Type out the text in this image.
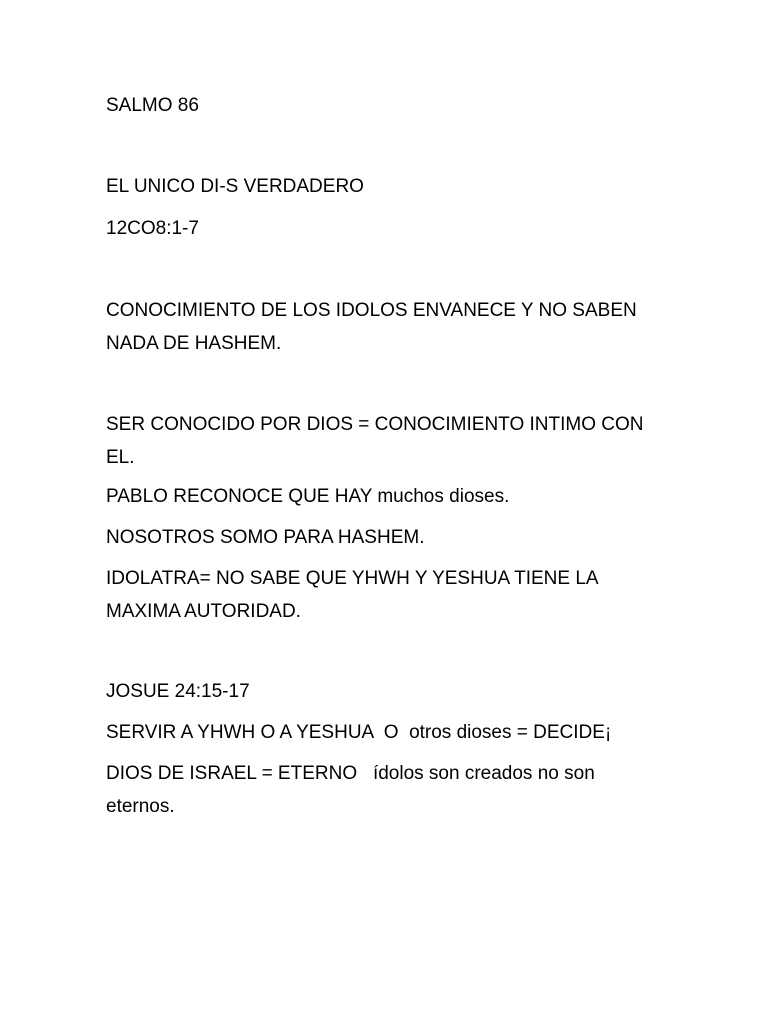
SALMO 86

EL UNICO DI-S VERDADERO

12CO8:1-7

CONOCIMIENTO DE LOS IDOLOS ENVANECE Y NO SABEN

NADA DE HASHEM.

SER CONOCIDO POR DIOS = CONOCIMIENTO INTIMO CON

EL.

PABLO RECONOCE QUE HAY muchos dioses.

NOSOTROS SOMO PARA HASHEM.

IDOLATRA= NO SABE QUE YHWH Y YESHUA TIENE LA

MAXIMA AUTORIDAD.

JOSUE 24:15-17

SERVIR A YHWH O A YESHUA  O  otros dioses = DECIDE¡

DIOS DE ISRAEL = ETERNO   ídolos son creados no son

eternos.
